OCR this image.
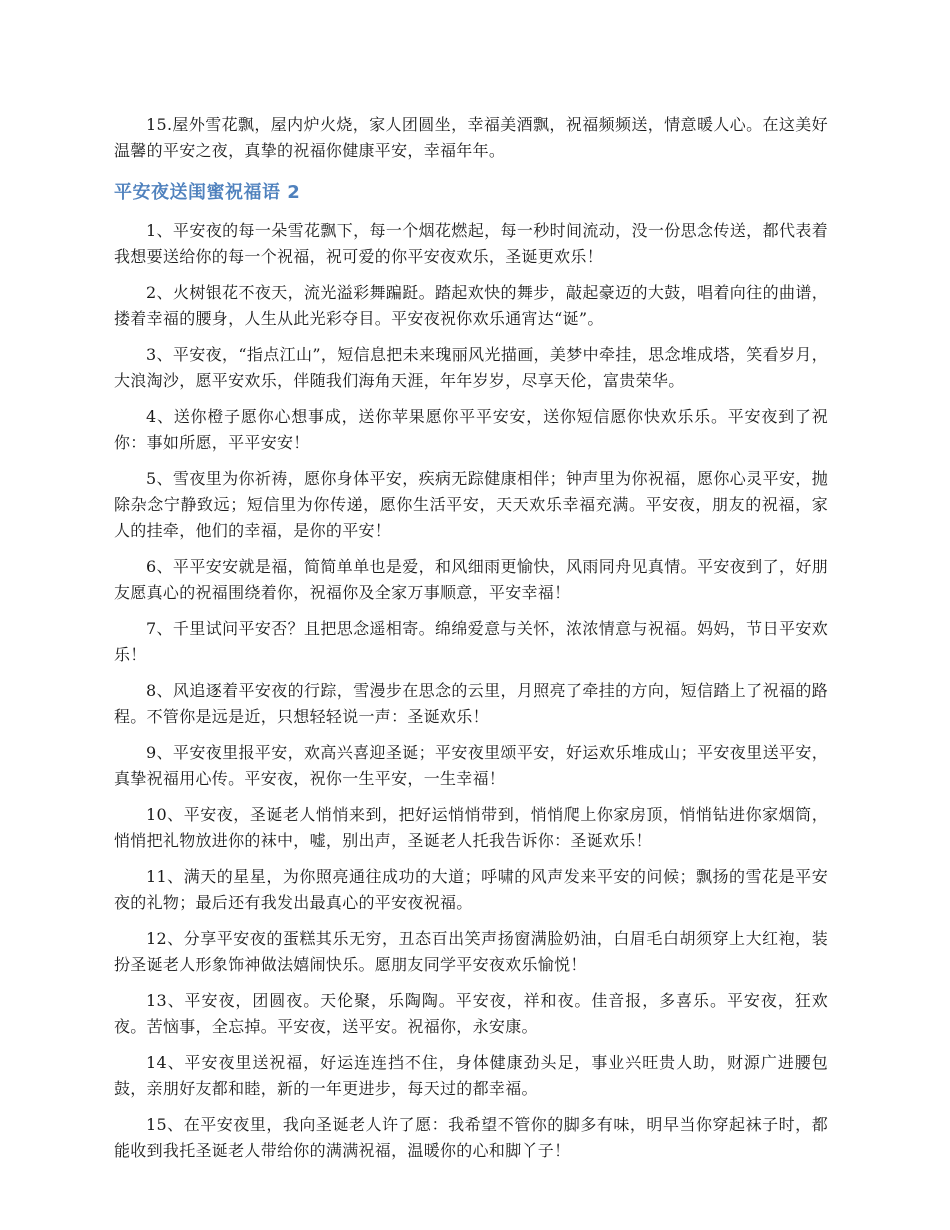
15.屋外雪花飘，屋内炉火烧，家人团圆坐，幸福美酒飘，祝福频频送，情意暖人心。在这美好温馨的平安之夜，真挚的祝福你健康平安，幸福年年。

平安夜送闺蜜祝福语 2

1、平安夜的每一朵雪花飘下，每一个烟花燃起，每一秒时间流动，没一份思念传送，都代表着我想要送给你的每一个祝福，祝可爱的你平安夜欢乐，圣诞更欢乐！

2、火树银花不夜天，流光溢彩舞蹁跹。踏起欢快的舞步，敲起豪迈的大鼓，唱着向往的曲谱，搂着幸福的腰身，人生从此光彩夺目。平安夜祝你欢乐通宵达“诞”。

3、平安夜，“指点江山”，短信息把未来瑰丽风光描画，美梦中牵挂，思念堆成塔，笑看岁月，大浪淘沙，愿平安欢乐，伴随我们海角天涯，年年岁岁，尽享天伦，富贵荣华。

4、送你橙子愿你心想事成，送你苹果愿你平平安安，送你短信愿你快欢乐乐。平安夜到了祝你：事如所愿，平平安安！

5、雪夜里为你祈祷，愿你身体平安，疾病无踪健康相伴；钟声里为你祝福，愿你心灵平安，抛除杂念宁静致远；短信里为你传递，愿你生活平安，天天欢乐幸福充满。平安夜，朋友的祝福，家人的挂牵，他们的幸福，是你的平安！

6、平平安安就是福，简简单单也是爱，和风细雨更愉快，风雨同舟见真情。平安夜到了，好朋友愿真心的祝福围绕着你，祝福你及全家万事顺意，平安幸福！

7、千里试问平安否？且把思念遥相寄。绵绵爱意与关怀，浓浓情意与祝福。妈妈，节日平安欢乐！

8、风追逐着平安夜的行踪，雪漫步在思念的云里，月照亮了牵挂的方向，短信踏上了祝福的路程。不管你是远是近，只想轻轻说一声：圣诞欢乐！

9、平安夜里报平安，欢高兴喜迎圣诞；平安夜里颂平安，好运欢乐堆成山；平安夜里送平安，真挚祝福用心传。平安夜，祝你一生平安，一生幸福！

10、平安夜，圣诞老人悄悄来到，把好运悄悄带到，悄悄爬上你家房顶，悄悄钻进你家烟筒，悄悄把礼物放进你的袜中，嘘，别出声，圣诞老人托我告诉你：圣诞欢乐！

11、满天的星星，为你照亮通往成功的大道；呼啸的风声发来平安的问候；飘扬的雪花是平安夜的礼物；最后还有我发出最真心的平安夜祝福。

12、分享平安夜的蛋糕其乐无穷，丑态百出笑声扬窗满脸奶油，白眉毛白胡须穿上大红袍，装扮圣诞老人形象饰神做法嬉闹快乐。愿朋友同学平安夜欢乐愉悦！

13、平安夜，团圆夜。天伦聚，乐陶陶。平安夜，祥和夜。佳音报，多喜乐。平安夜，狂欢夜。苦恼事，全忘掉。平安夜，送平安。祝福你，永安康。

14、平安夜里送祝福，好运连连挡不住，身体健康劲头足，事业兴旺贵人助，财源广进腰包鼓，亲朋好友都和睦，新的一年更进步，每天过的都幸福。

15、在平安夜里，我向圣诞老人许了愿：我希望不管你的脚多有味，明早当你穿起袜子时，都能收到我托圣诞老人带给你的满满祝福，温暖你的心和脚丫子！
